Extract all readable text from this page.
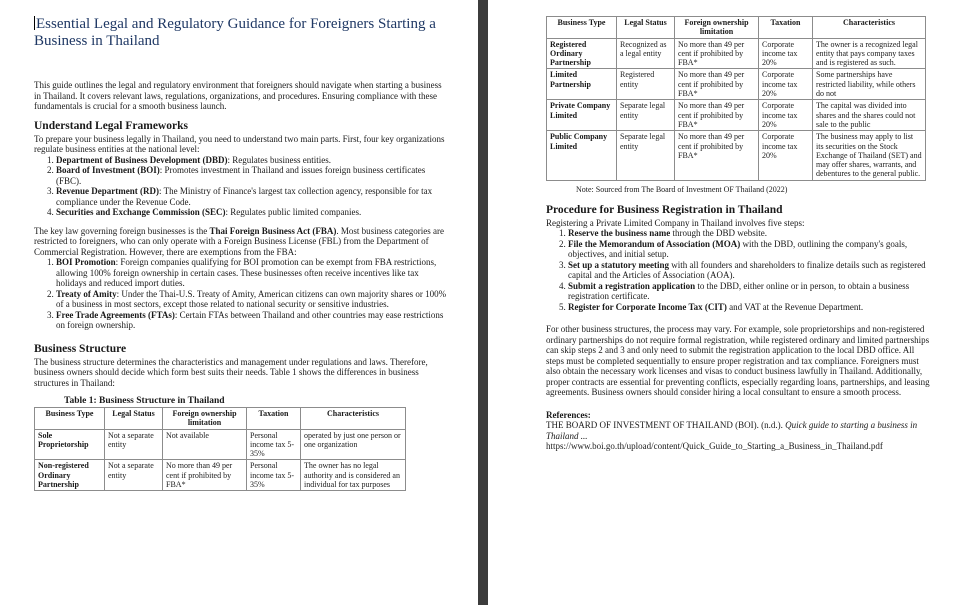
Essential Legal and Regulatory Guidance for Foreigners Starting a Business in Thailand

This guide outlines the legal and regulatory environment that foreigners should navigate when starting a business in Thailand. It covers relevant laws, regulations, organizations, and procedures. Ensuring compliance with these fundamentals is crucial for a smooth business launch.

Understand Legal Frameworks

To prepare your business legally in Thailand, you need to understand two main parts. First, four key organizations regulate business entities at the national level:

1. Department of Business Development (DBD): Regulates business entities.
2. Board of Investment (BOI): Promotes investment in Thailand and issues foreign business certificates (FBC).
3. Revenue Department (RD): The Ministry of Finance's largest tax collection agency, responsible for tax compliance under the Revenue Code.
4. Securities and Exchange Commission (SEC): Regulates public limited companies.

The key law governing foreign businesses is the Thai Foreign Business Act (FBA). Most business categories are restricted to foreigners, who can only operate with a Foreign Business License (FBL) from the Department of Commercial Registration. However, there are exemptions from the FBA:

1. BOI Promotion: Foreign companies qualifying for BOI promotion can be exempt from FBA restrictions, allowing 100% foreign ownership in certain cases. These businesses often receive incentives like tax holidays and reduced import duties.
2. Treaty of Amity: Under the Thai-U.S. Treaty of Amity, American citizens can own majority shares or 100% of a business in most sectors, except those related to national security or sensitive industries.
3. Free Trade Agreements (FTAs): Certain FTAs between Thailand and other countries may ease restrictions on foreign ownership.
Business Structure

The business structure determines the characteristics and management under regulations and laws. Therefore, business owners should decide which form best suits their needs. Table 1 shows the differences in business structures in Thailand:

Table 1: Business Structure in Thailand
Business Type	Legal Status	Foreign ownership limitation	Taxation	Characteristics
Sole Proprietorship	Not a separate entity	Not available	Personal income tax 5-35%	operated by just one person or one organization
Non-registered Ordinary Partnership	Not a separate entity	No more than 49 per cent if prohibited by FBA*	Personal income tax 5-35%	The owner has no legal authority and is considered an individual for tax purposes
Business Type	Legal Status	Foreign ownership limitation	Taxation	Characteristics
Registered Ordinary Partnership	Recognized as a legal entity	No more than 49 per cent if prohibited by FBA*	Corporate income tax 20%	The owner is a recognized legal entity that pays company taxes and is registered as such.
Limited Partnership	Registered entity	No more than 49 per cent if prohibited by FBA*	Corporate income tax 20%	Some partnerships have restricted liability, while others do not
Private Company Limited	Separate legal entity	No more than 49 per cent if prohibited by FBA*	Corporate income tax 20%	The capital was divided into shares and the shares could not sale to the public
Public Company Limited	Separate legal entity	No more than 49 per cent if prohibited by FBA*	Corporate income tax 20%	The business may apply to list its securities on the Stock Exchange of Thailand (SET) and may offer shares, warrants, and debentures to the general public.
Note: Sourced from The Board of Investment OF Thailand (2022)
Procedure for Business Registration in Thailand

Registering a Private Limited Company in Thailand involves five steps:

1. Reserve the business name through the DBD website.
2. File the Memorandum of Association (MOA) with the DBD, outlining the company's goals, objectives, and initial setup.
3. Set up a statutory meeting with all founders and shareholders to finalize details such as registered capital and the Articles of Association (AOA).
4. Submit a registration application to the DBD, either online or in person, to obtain a business registration certificate.
5. Register for Corporate Income Tax (CIT) and VAT at the Revenue Department.

For other business structures, the process may vary. For example, sole proprietorships and non-registered ordinary partnerships do not require formal registration, while registered ordinary and limited partnerships can skip steps 2 and 3 and only need to submit the registration application to the local DBD office. All steps must be completed sequentially to ensure proper registration and tax compliance. Foreigners must also obtain the necessary work licenses and visas to conduct business lawfully in Thailand. Additionally, proper contracts are essential for preventing conflicts, especially regarding loans, partnerships, and leasing agreements. Business owners should consider hiring a local consultant to ensure a smooth process.

References:

THE BOARD OF INVESTMENT OF THAILAND (BOI). (n.d.). Quick guide to starting a business in Thailand ...

https://www.boi.go.th/upload/content/Quick_Guide_to_Starting_a_Business_in_Thailand.pdf
